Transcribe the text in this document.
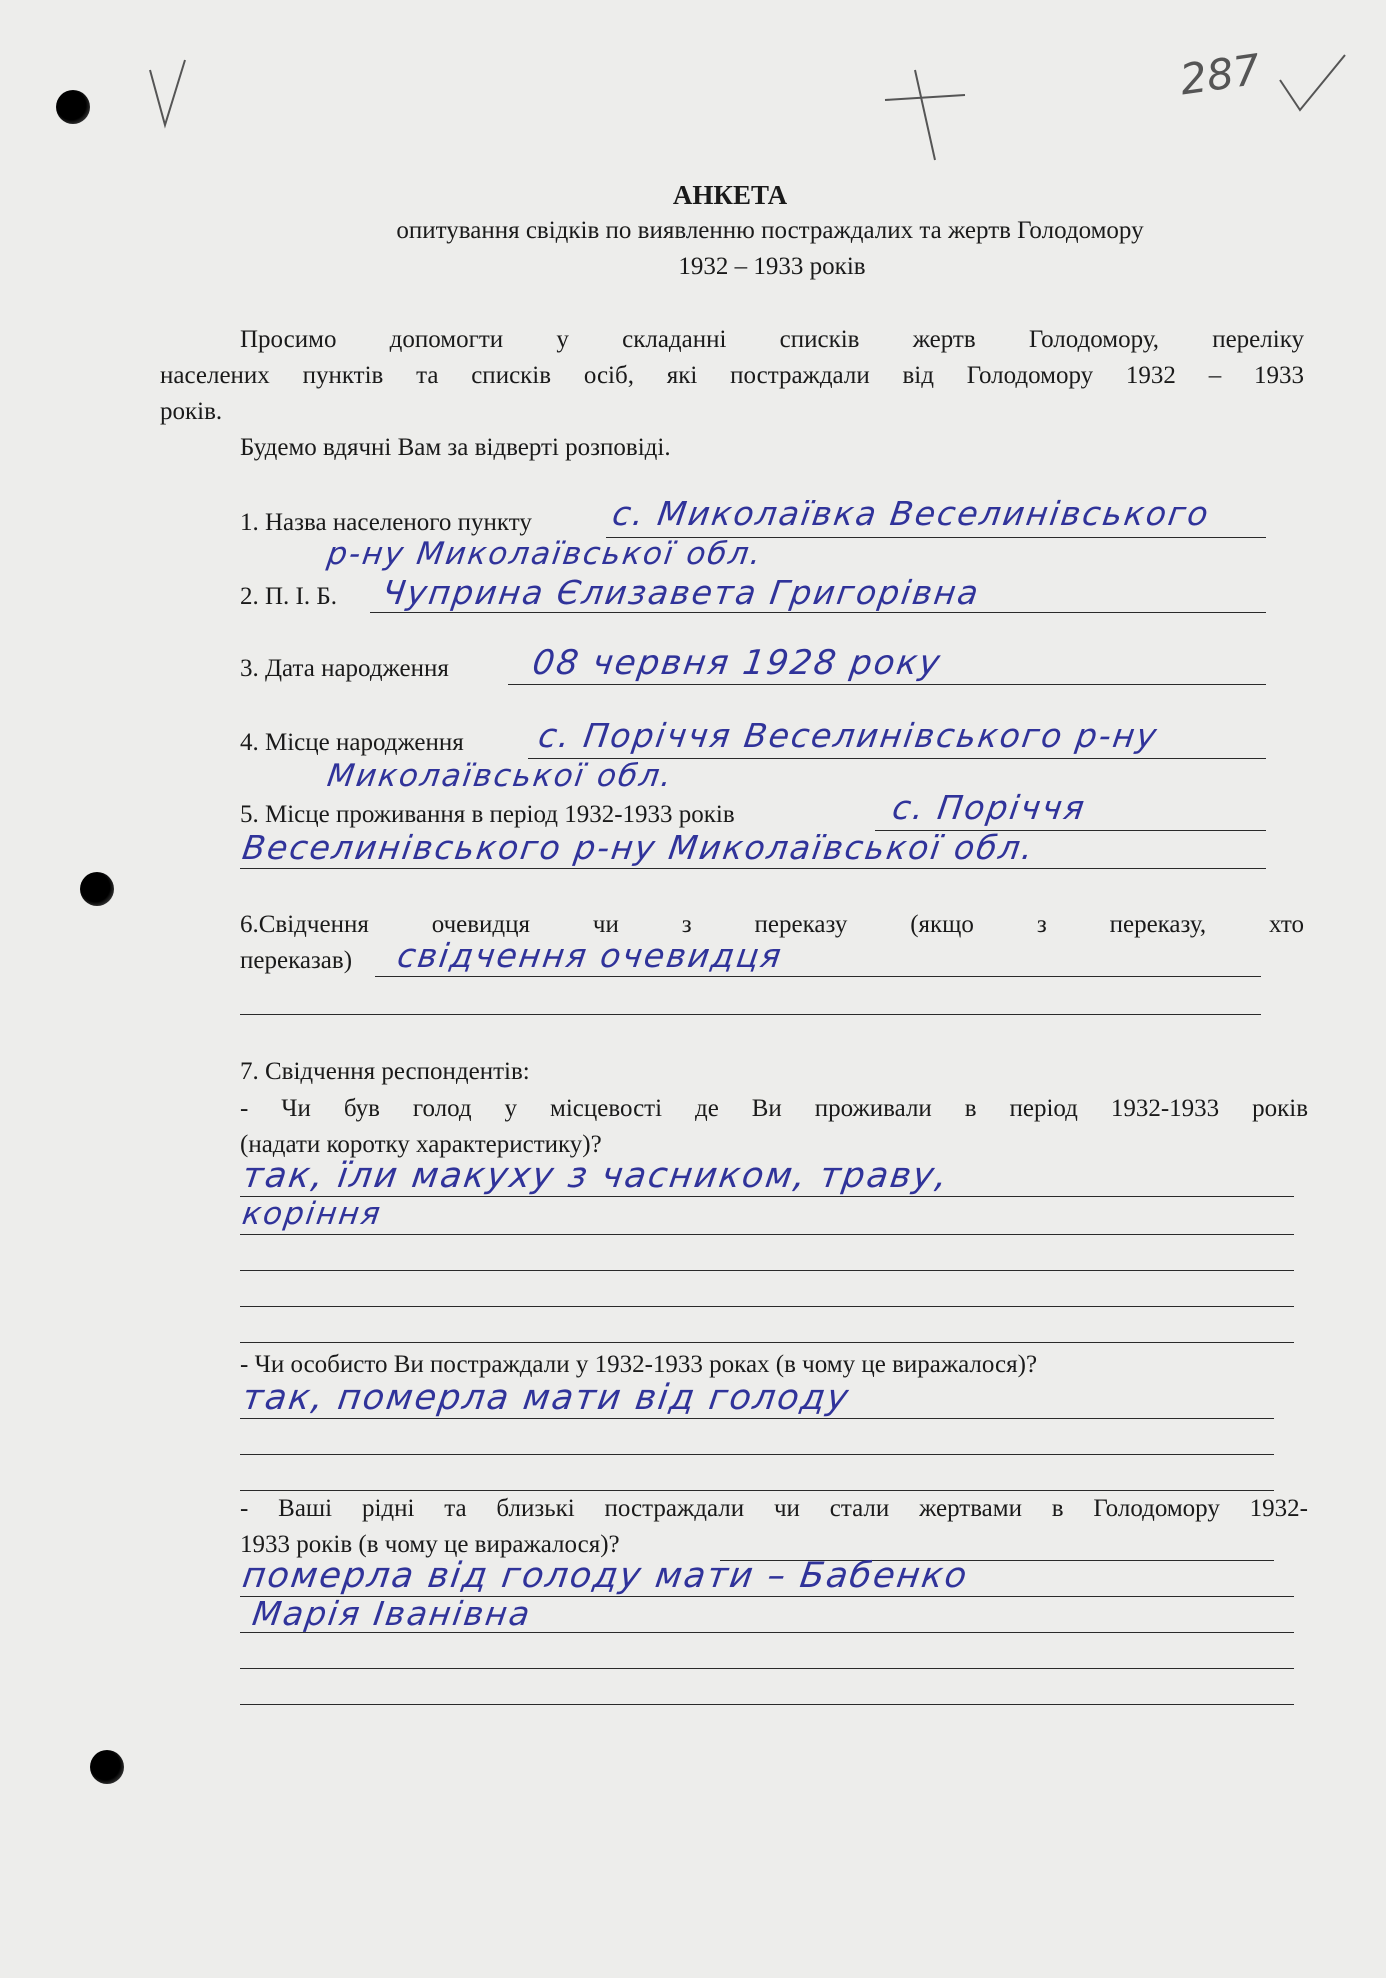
287
АНКЕТА
опитування свідків по виявленню постраждалих та жертв Голодомору
1932 – 1933 років
Просимо допомогти у складанні списків жертв Голодомору, переліку
населених пунктів та списків осіб, які постраждали від Голодомору 1932 – 1933
років.
Будемо вдячні Вам за відверті розповіді.
1. Назва населеного пункту с. Миколаївка Веселинівського
р-ну Миколаївської обл.
2. П. І. Б. Чуприна Єлизавета Григорівна
3. Дата народження 08 червня 1928 року
4. Місце народження с. Поріччя Веселинівського р-ну
Миколаївської обл.
5. Місце проживання в період 1932-1933 років	с. Поріччя
Веселинівського р-ну Миколаївської обл.
6.Свідчення очевидця чи з переказу (якщо з переказу, хто
переказав) свідчення очевидця
7. Свідчення респондентів:
- Чи був голод у місцевості де Ви проживали в період 1932-1933 років
(надати коротку характеристику)?
так, їли макуху з часником, траву,
коріння
- Чи особисто Ви постраждали у 1932-1933 роках (в чому це виражалося)?
так, померла мати від голоду
- Ваші рідні та близькі постраждали чи стали жертвами в Голодомору 1932-
1933 років (в чому це виражалося)?
померла від голоду мати – Бабенко
Марія Іванівна
